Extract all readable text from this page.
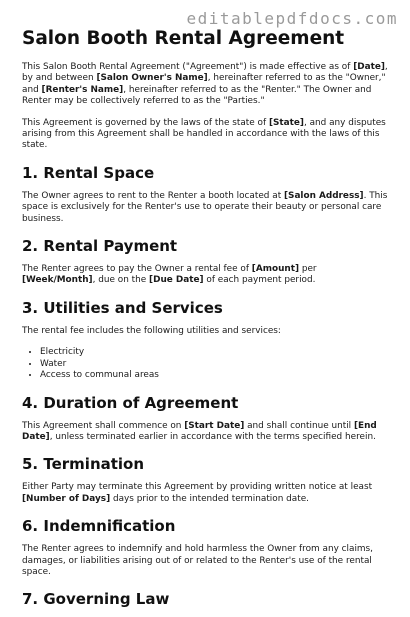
editablepdfdocs.com
Salon Booth Rental Agreement

This Salon Booth Rental Agreement ("Agreement") is made effective as of [Date], by and between [Salon Owner's Name], hereinafter referred to as the "Owner," and [Renter's Name], hereinafter referred to as the "Renter." The Owner and Renter may be collectively referred to as the "Parties."

This Agreement is governed by the laws of the state of [State], and any disputes arising from this Agreement shall be handled in accordance with the laws of this state.

1. Rental Space

The Owner agrees to rent to the Renter a booth located at [Salon Address]. This space is exclusively for the Renter's use to operate their beauty or personal care business.

2. Rental Payment

The Renter agrees to pay the Owner a rental fee of [Amount] per [Week/Month], due on the [Due Date] of each payment period.

3. Utilities and Services

The rental fee includes the following utilities and services:

• Electricity
• Water
• Access to communal areas
4. Duration of Agreement

This Agreement shall commence on [Start Date] and shall continue until [End Date], unless terminated earlier in accordance with the terms specified herein.

5. Termination

Either Party may terminate this Agreement by providing written notice at least [Number of Days] days prior to the intended termination date.

6. Indemnification

The Renter agrees to indemnify and hold harmless the Owner from any claims, damages, or liabilities arising out of or related to the Renter's use of the rental space.

7. Governing Law
